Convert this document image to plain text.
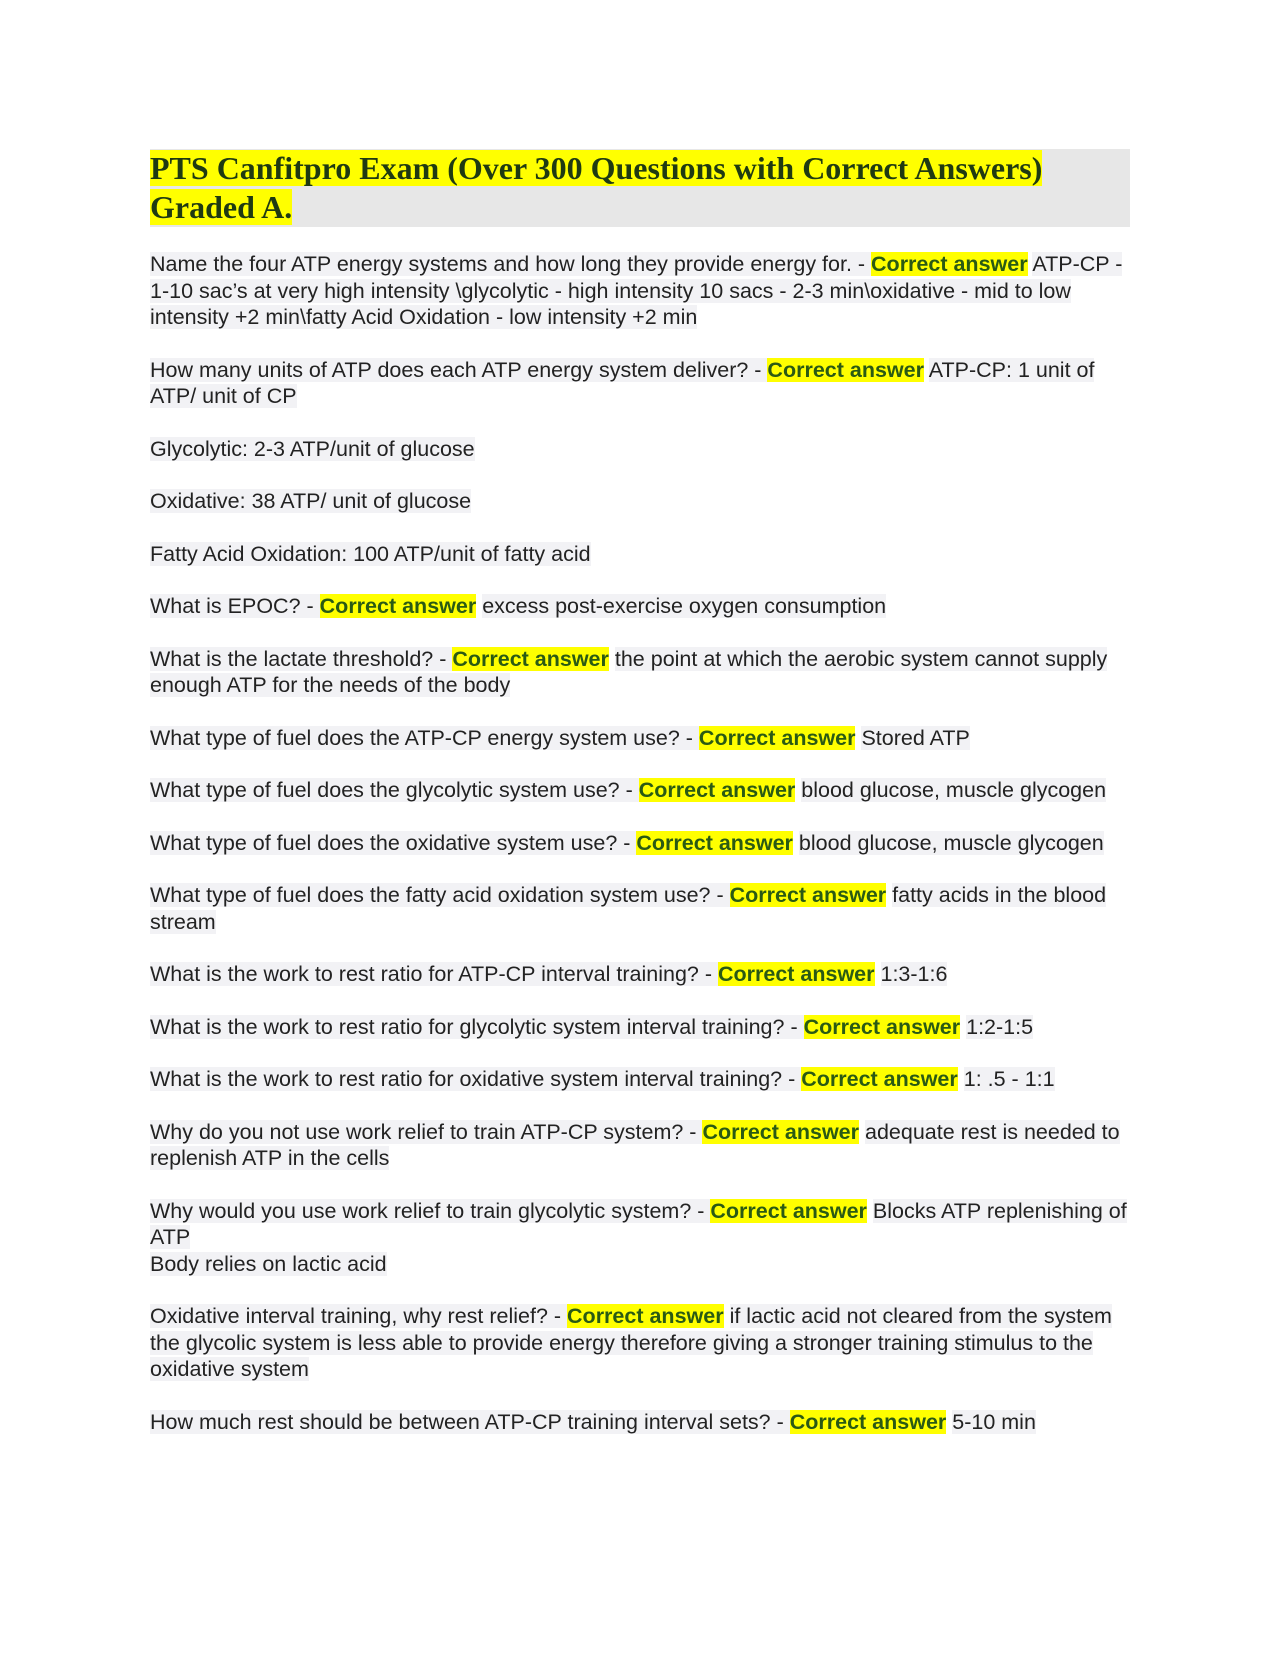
PTS Canfitpro Exam (Over 300 Questions with Correct Answers) Graded A.
Name the four ATP energy systems and how long they provide energy for. - Correct answer ATP-CP - 1-10 sac’s at very high intensity \glycolytic - high intensity 10 sacs - 2-3 min\oxidative - mid to low intensity +2 min\fatty Acid Oxidation - low intensity +2 min
How many units of ATP does each ATP energy system deliver? - Correct answer ATP-CP: 1 unit of ATP/ unit of CP
Glycolytic: 2-3 ATP/unit of glucose
Oxidative: 38 ATP/ unit of glucose
Fatty Acid Oxidation: 100 ATP/unit of fatty acid
What is EPOC? - Correct answer excess post-exercise oxygen consumption
What is the lactate threshold? - Correct answer the point at which the aerobic system cannot supply enough ATP for the needs of the body
What type of fuel does the ATP-CP energy system use? - Correct answer Stored ATP
What type of fuel does the glycolytic system use? - Correct answer blood glucose, muscle glycogen
What type of fuel does the oxidative system use? - Correct answer blood glucose, muscle glycogen
What type of fuel does the fatty acid oxidation system use? - Correct answer fatty acids in the blood stream
What is the work to rest ratio for ATP-CP interval training? - Correct answer 1:3-1:6
What is the work to rest ratio for glycolytic system interval training? - Correct answer 1:2-1:5
What is the work to rest ratio for oxidative system interval training? - Correct answer 1: .5 - 1:1
Why do you not use work relief to train ATP-CP system? - Correct answer adequate rest is needed to replenish ATP in the cells
Why would you use work relief to train glycolytic system? - Correct answer Blocks ATP replenishing of ATP
Body relies on lactic acid
Oxidative interval training, why rest relief? - Correct answer if lactic acid not cleared from the system the glycolic system is less able to provide energy therefore giving a stronger training stimulus to the oxidative system
How much rest should be between ATP-CP training interval sets? - Correct answer 5-10 min
